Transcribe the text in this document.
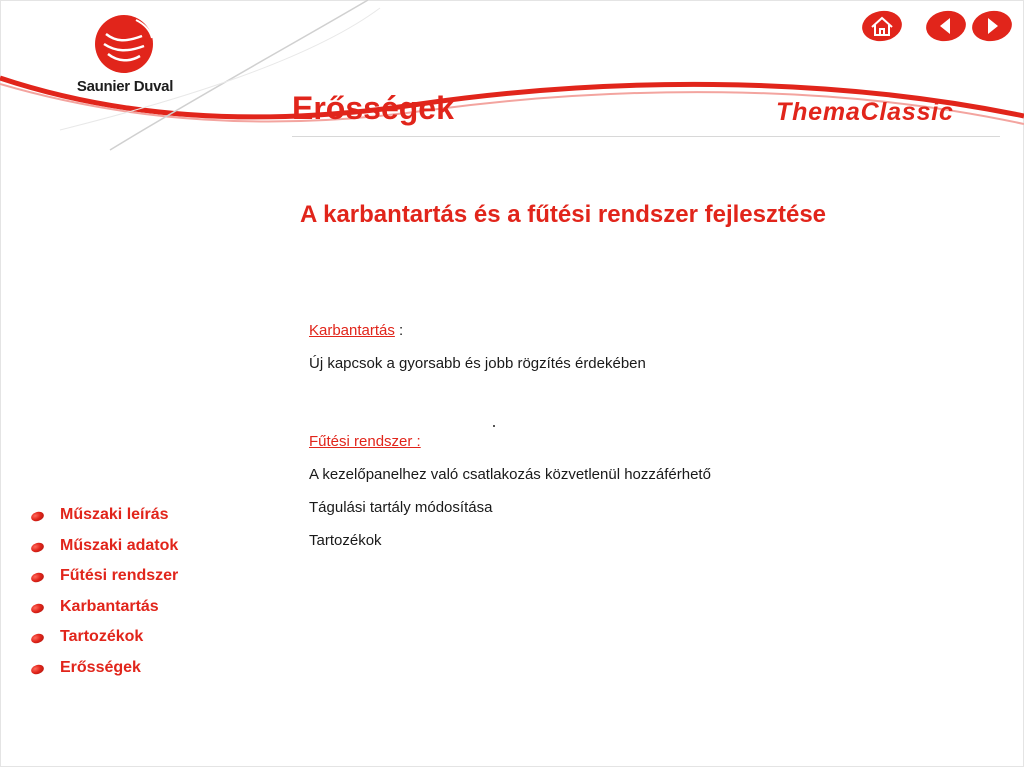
Saunier Duval
Erősségek	ThemaClassic
A karbantartás és a fűtési rendszer fejlesztése
Karbantartás :
Új kapcsok a gyorsabb és jobb rögzítés érdekében
Fűtési rendszer :
A kezelőpanelhez való csatlakozás közvetlenül hozzáférhető
Tágulási tartály módosítása
Tartozékok
Műszaki leírás
Műszaki adatok
Fűtési rendszer
Karbantartás
Tartozékok
Erősségek
